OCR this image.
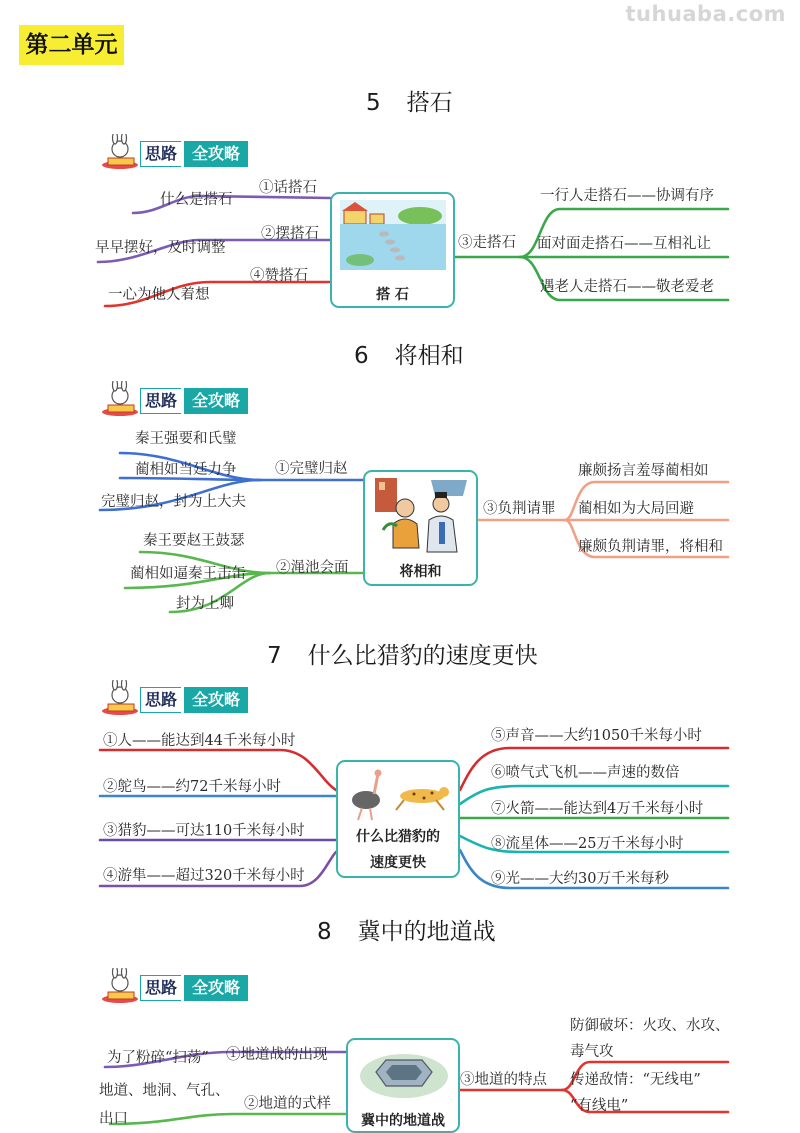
第二单元
tuhuaba.com
5 搭石
思路 全攻略
什么是搭石
①话搭石
早早摆好，及时调整
②摆搭石
一心为他人着想
④赞搭石
搭 石
③走搭石
一行人走搭石——协调有序
面对面走搭石——互相礼让
遇老人走搭石——敬老爱老
6 将相和
思路 全攻略
秦王强要和氏璧
蔺相如当廷力争
完璧归赵，封为上大夫
①完璧归赵
秦王要赵王鼓瑟
蔺相如逼秦王击缶
封为上卿
②渑池会面	将相和
③负荆请罪
廉颇扬言羞辱蔺相如
蔺相如为大局回避
廉颇负荆请罪，将相和
7 什么比猎豹的速度更快
思路 全攻略
①人——能达到44千米每小时
②鸵鸟——约72千米每小时
③猎豹——可达110千米每小时
④游隼——超过320千米每小时
什么比猎豹的
速度更快
⑤声音——大约1050千米每小时
⑥喷气式飞机——声速的数倍
⑦火箭——能达到4万千米每小时
⑧流星体——25万千米每小时
⑨光——大约30万千米每秒
8 冀中的地道战
思路 全攻略
为了粉碎“扫荡” ①地道战的出现
地道、地洞、气孔、
出口
②地道的式样
冀中的地道战
③地道的特点
防御破坏：火攻、水攻、
毒气攻
传递敌情：“无线电”
“有线电”
